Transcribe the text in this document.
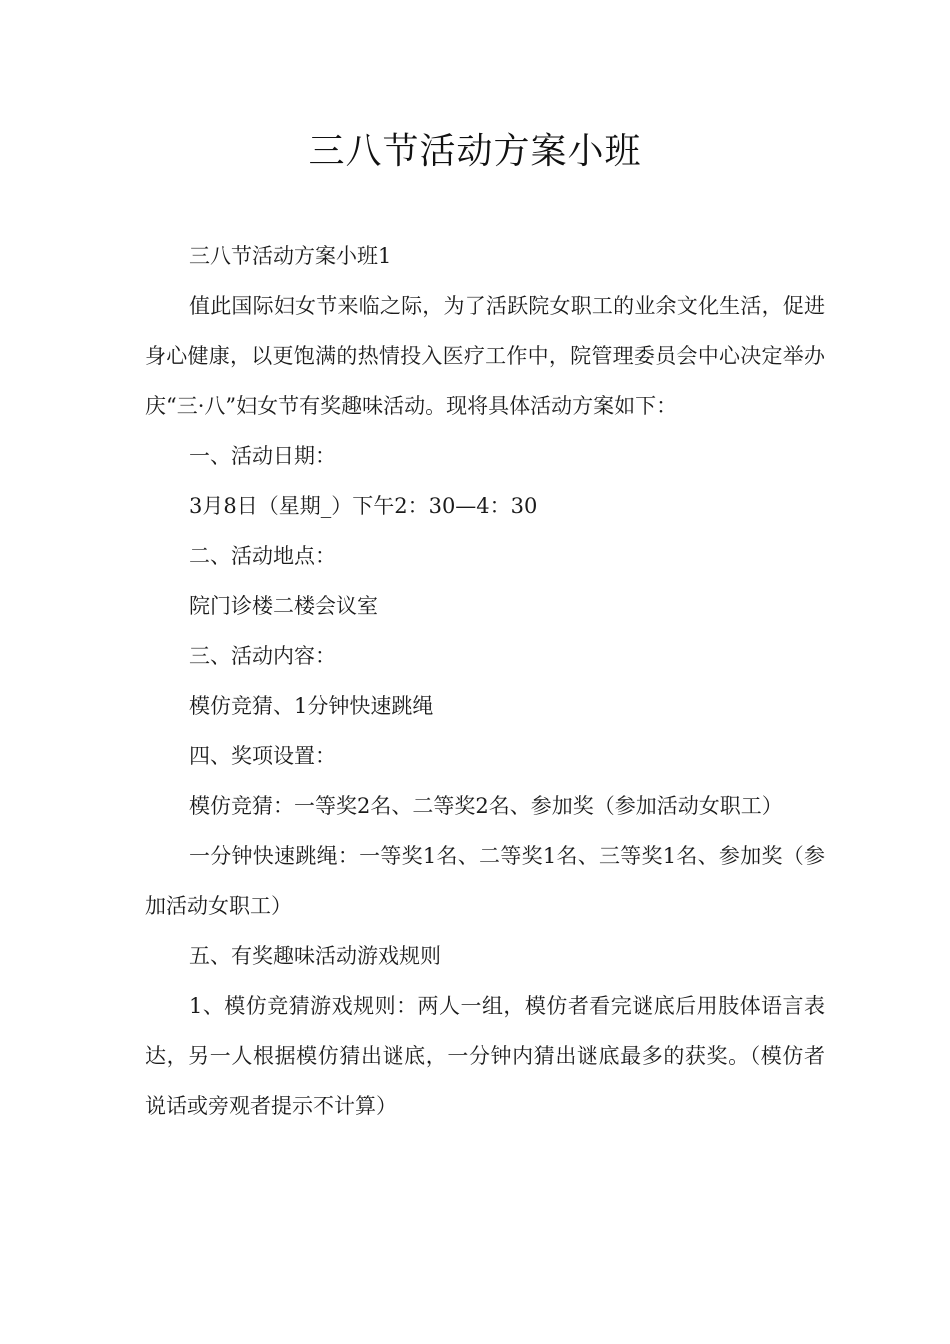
三八节活动方案小班

三八节活动方案小班1

值此国际妇女节来临之际，为了活跃院女职工的业余文化生活，促进身心健康，以更饱满的热情投入医疗工作中，院管理委员会中心决定举办庆“三·八”妇女节有奖趣味活动。现将具体活动方案如下：

一、活动日期：

3月8日（星期_）下午2：30—4：30

二、活动地点：

院门诊楼二楼会议室

三、活动内容：

模仿竞猜、1分钟快速跳绳

四、奖项设置：

模仿竞猜：一等奖2名、二等奖2名、参加奖（参加活动女职工）

一分钟快速跳绳：一等奖1名、二等奖1名、三等奖1名、参加奖（参加活动女职工）

五、有奖趣味活动游戏规则

1、模仿竞猜游戏规则：两人一组，模仿者看完谜底后用肢体语言表达，另一人根据模仿猜出谜底，一分钟内猜出谜底最多的获奖。（模仿者说话或旁观者提示不计算）
